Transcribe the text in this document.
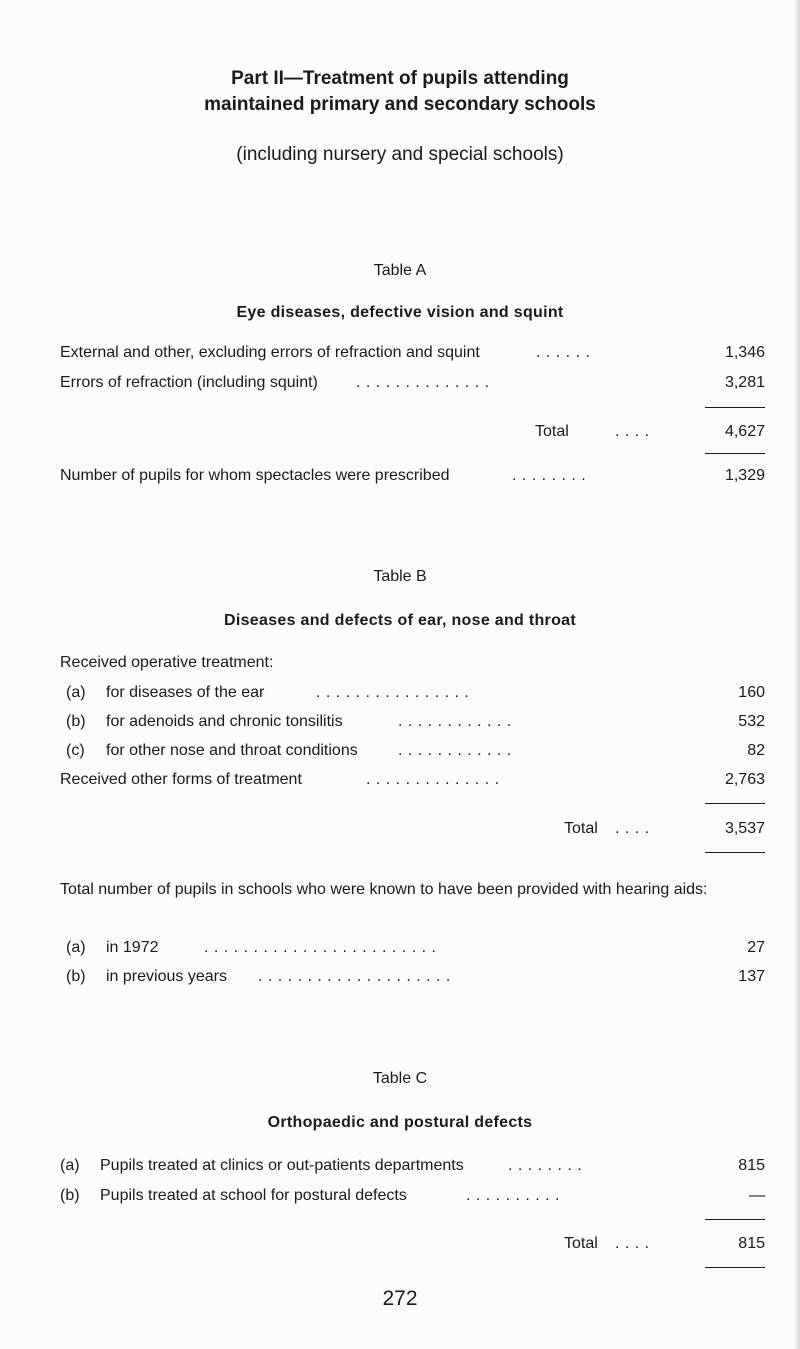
Part II—Treatment of pupils attending
maintained primary and secondary schools
(including nursery and special schools)
Table A
Eye diseases, defective vision and squint
External and other, excluding errors of refraction and squint	. . . . . .	1,346
Errors of refraction (including squint) . . . . . . . . . . . . . .	3,281
Total	. . . .	4,627
Number of pupils for whom spectacles were prescribed	. . . . . . . .	1,329
Table B
Diseases and defects of ear, nose and throat
Received operative treatment:
(a) for diseases of the ear	. . . . . . . . . . . . . . . .	160
(b) for adenoids and chronic tonsilitis	. . . . . . . . . . . .	532
(c) for other nose and throat conditions	. . . . . . . . . . . .	82
Received other forms of treatment	. . . . . . . . . . . . . .	2,763
Total . . . .	3,537
Total number of pupils in schools who were known to have been provided with hearing aids:
(a) in 1972	. . . . . . . . . . . . . . . . . . . . . . . .	27
(b) in previous years . . . . . . . . . . . . . . . . . . . .	137
Table C
Orthopaedic and postural defects
(a) Pupils treated at clinics or out-patients departments	. . . . . . . .	815
(b) Pupils treated at school for postural defects	. . . . . . . . . .	—
Total . . . .	815
272
